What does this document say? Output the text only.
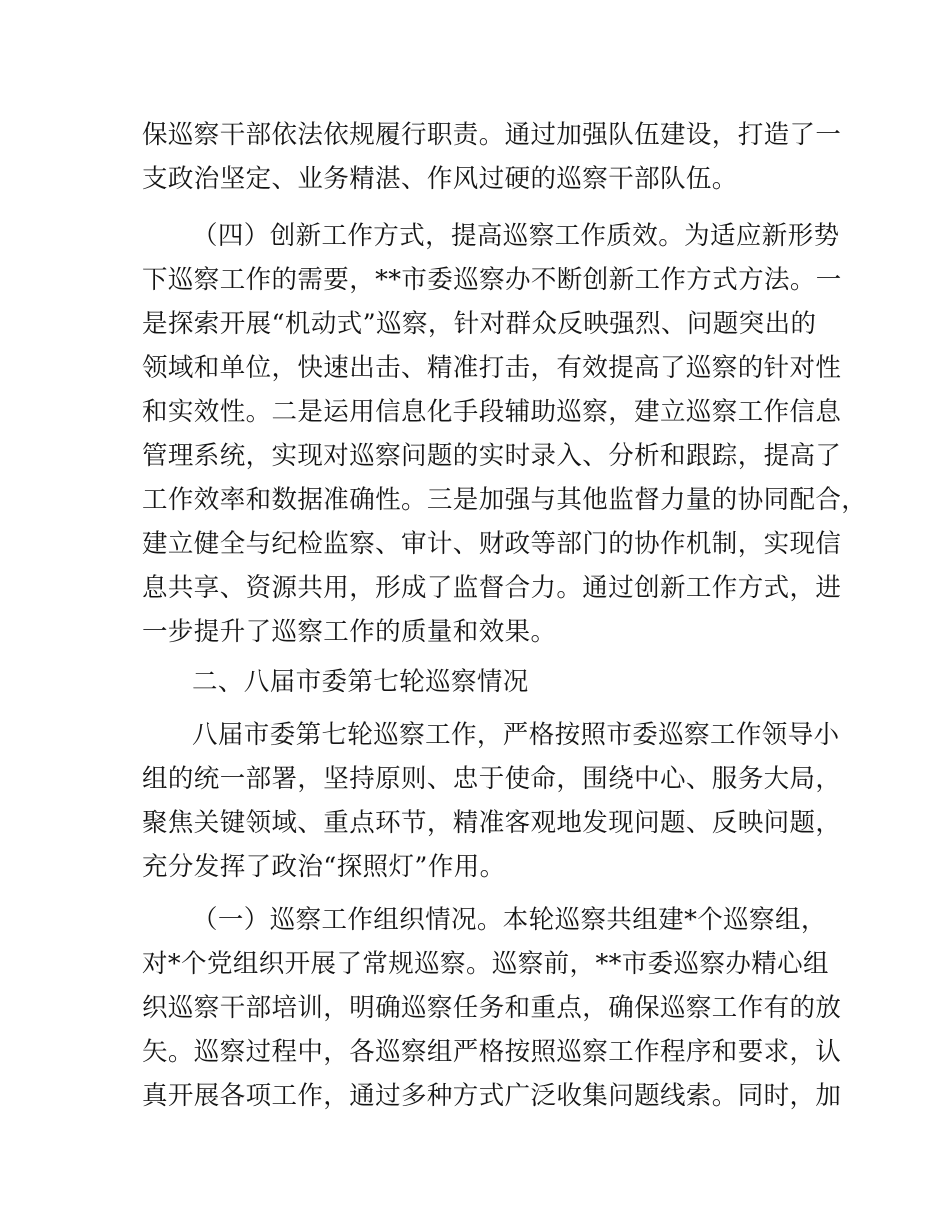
保巡察干部依法依规履行职责。通过加强队伍建设，打造了一
支政治坚定、业务精湛、作风过硬的巡察干部队伍。
（四）创新工作方式，提高巡察工作质效。为适应新形势
下巡察工作的需要，**市委巡察办不断创新工作方式方法。一
是探索开展“机动式”巡察，针对群众反映强烈、问题突出的
领域和单位，快速出击、精准打击，有效提高了巡察的针对性
和实效性。二是运用信息化手段辅助巡察，建立巡察工作信息
管理系统，实现对巡察问题的实时录入、分析和跟踪，提高了
工作效率和数据准确性。三是加强与其他监督力量的协同配合，
建立健全与纪检监察、审计、财政等部门的协作机制，实现信
息共享、资源共用，形成了监督合力。通过创新工作方式，进
一步提升了巡察工作的质量和效果。
二、八届市委第七轮巡察情况
八届市委第七轮巡察工作，严格按照市委巡察工作领导小
组的统一部署，坚持原则、忠于使命，围绕中心、服务大局，
聚焦关键领域、重点环节，精准客观地发现问题、反映问题，
充分发挥了政治“探照灯”作用。
（一）巡察工作组织情况。本轮巡察共组建*个巡察组，
对*个党组织开展了常规巡察。巡察前，**市委巡察办精心组
织巡察干部培训，明确巡察任务和重点，确保巡察工作有的放
矢。巡察过程中，各巡察组严格按照巡察工作程序和要求，认
真开展各项工作，通过多种方式广泛收集问题线索。同时，加
